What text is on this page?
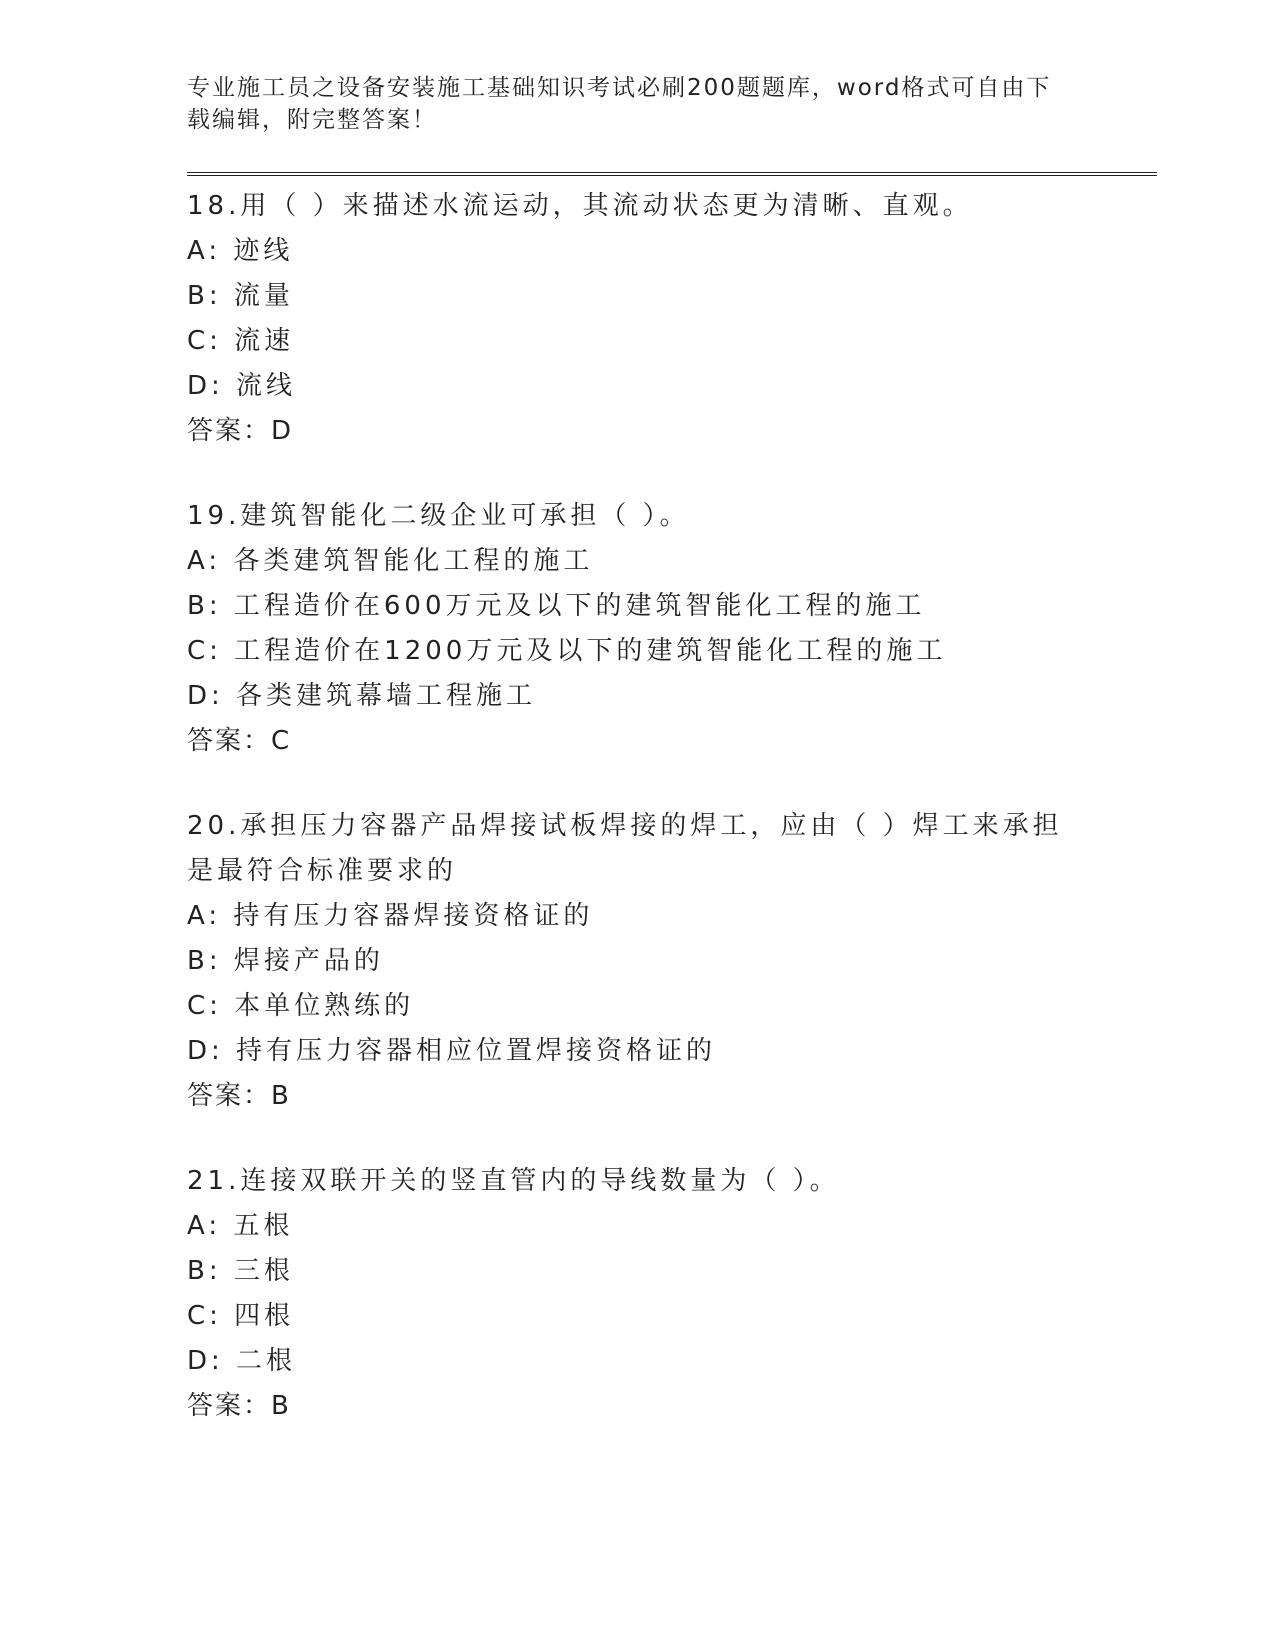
专业施工员之设备安装施工基础知识考试必刷200题题库，word格式可自由下载编辑，附完整答案！

18.用（ ）来描述水流运动，其流动状态更为清晰、直观。

A: 迹线

B: 流量

C: 流速

D: 流线

答案：D

19.建筑智能化二级企业可承担（ ）。

A: 各类建筑智能化工程的施工

B: 工程造价在600万元及以下的建筑智能化工程的施工

C: 工程造价在1200万元及以下的建筑智能化工程的施工

D: 各类建筑幕墙工程施工

答案：C

20.承担压力容器产品焊接试板焊接的焊工，应由（ ）焊工来承担是最符合标准要求的

A: 持有压力容器焊接资格证的

B: 焊接产品的

C: 本单位熟练的

D: 持有压力容器相应位置焊接资格证的

答案：B

21.连接双联开关的竖直管内的导线数量为（ ）。

A: 五根

B: 三根

C: 四根

D: 二根

答案：B
